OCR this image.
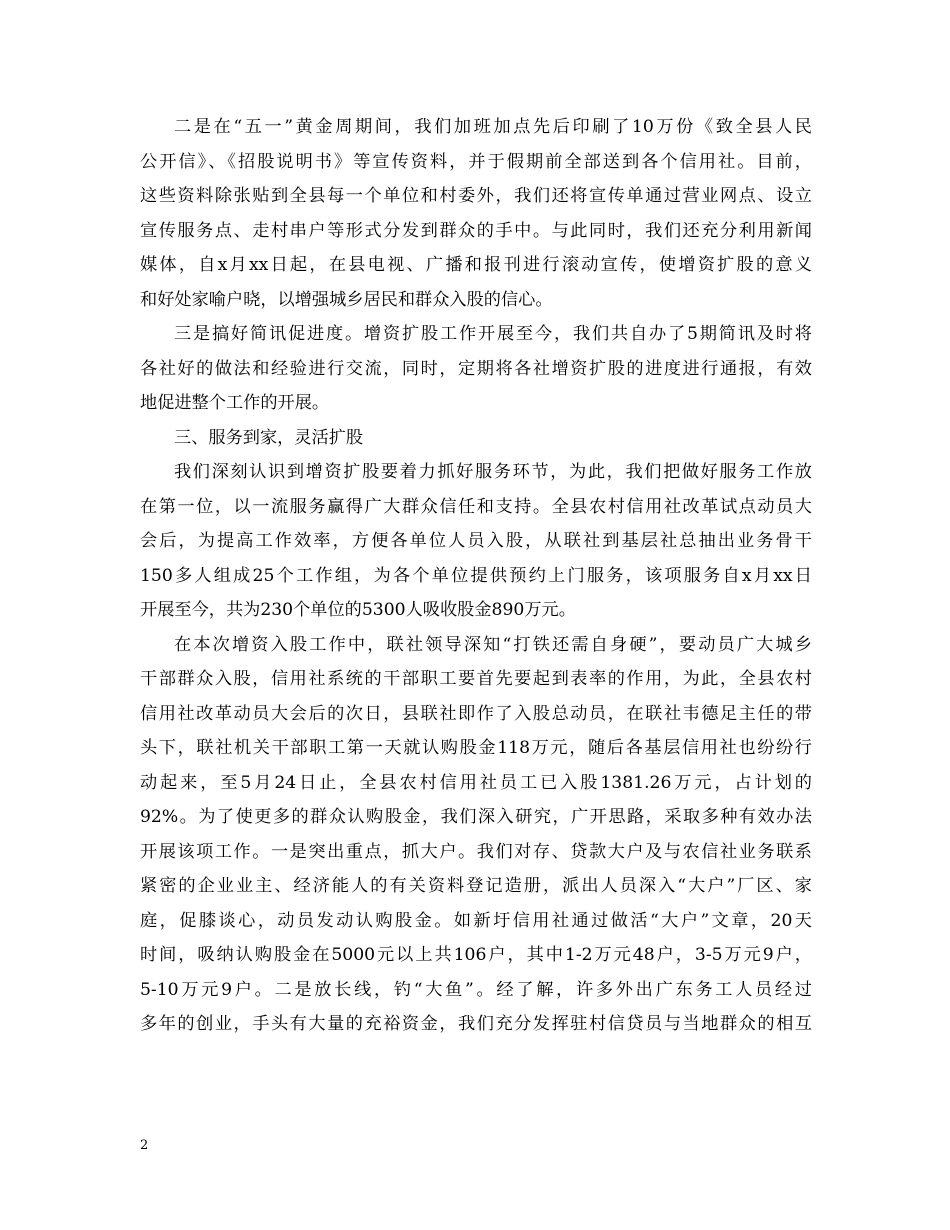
二是在“五一”黄金周期间，我们加班加点先后印刷了10万份《致全县人民
公开信》、《招股说明书》等宣传资料，并于假期前全部送到各个信用社。目前，
这些资料除张贴到全县每一个单位和村委外，我们还将宣传单通过营业网点、设立
宣传服务点、走村串户等形式分发到群众的手中。与此同时，我们还充分利用新闻
媒体，自x月xx日起，在县电视、广播和报刊进行滚动宣传，使增资扩股的意义
和好处家喻户晓，以增强城乡居民和群众入股的信心。
三是搞好简讯促进度。增资扩股工作开展至今，我们共自办了5期简讯及时将
各社好的做法和经验进行交流，同时，定期将各社增资扩股的进度进行通报，有效
地促进整个工作的开展。
三、服务到家，灵活扩股
我们深刻认识到增资扩股要着力抓好服务环节，为此，我们把做好服务工作放
在第一位，以一流服务赢得广大群众信任和支持。全县农村信用社改革试点动员大
会后，为提高工作效率，方便各单位人员入股，从联社到基层社总抽出业务骨干
150多人组成25个工作组，为各个单位提供预约上门服务，该项服务自x月xx日
开展至今，共为230个单位的5300人吸收股金890万元。
在本次增资入股工作中，联社领导深知“打铁还需自身硬”，要动员广大城乡
干部群众入股，信用社系统的干部职工要首先要起到表率的作用，为此，全县农村
信用社改革动员大会后的次日，县联社即作了入股总动员，在联社韦德足主任的带
头下，联社机关干部职工第一天就认购股金118万元，随后各基层信用社也纷纷行
动起来，至5月24日止，全县农村信用社员工已入股1381.26万元，占计划的
92%。为了使更多的群众认购股金，我们深入研究，广开思路，采取多种有效办法
开展该项工作。一是突出重点，抓大户。我们对存、贷款大户及与农信社业务联系
紧密的企业业主、经济能人的有关资料登记造册，派出人员深入“大户”厂区、家
庭，促膝谈心，动员发动认购股金。如新圩信用社通过做活“大户”文章，20天
时间，吸纳认购股金在5000元以上共106户，其中1-2万元48户，3-5万元9户，
5-10万元9户。二是放长线，钓“大鱼”。经了解，许多外出广东务工人员经过
多年的创业，手头有大量的充裕资金，我们充分发挥驻村信贷员与当地群众的相互
2
